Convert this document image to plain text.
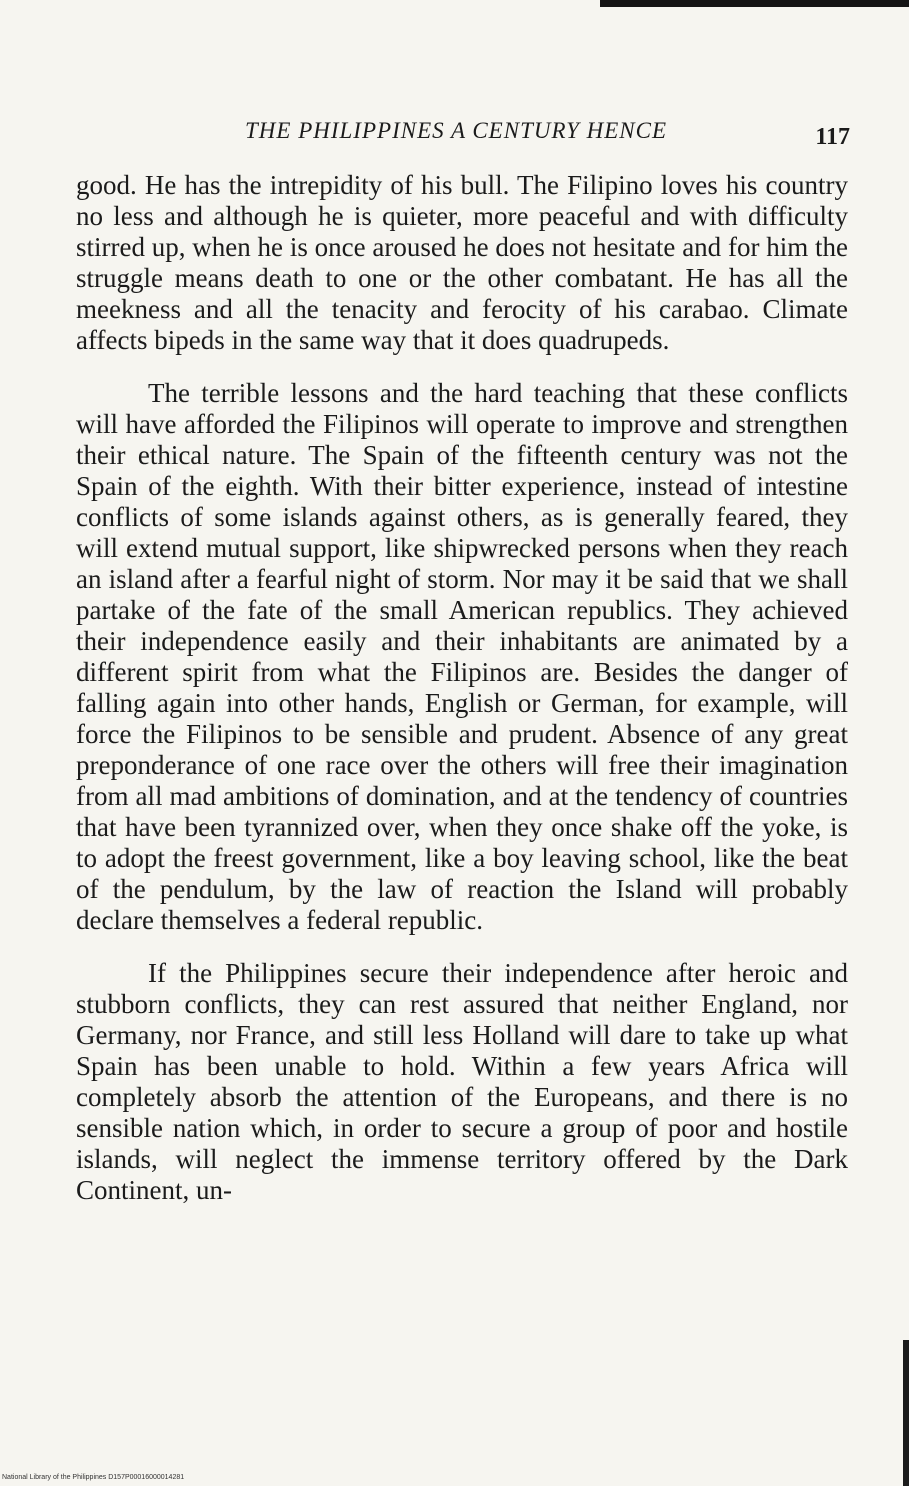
THE PHILIPPINES A CENTURY HENCE	117

good. He has the intrepidity of his bull. The Filipino loves his country no less and although he is quieter, more peaceful and with difficulty stirred up, when he is once aroused he does not hesitate and for him the struggle means death to one or the other combatant. He has all the meekness and all the tenacity and ferocity of his carabao. Climate affects bipeds in the same way that it does quadrupeds.

The terrible lessons and the hard teaching that these conflicts will have afforded the Filipinos will operate to improve and strengthen their ethical nature. The Spain of the fifteenth century was not the Spain of the eighth. With their bitter experience, instead of intestine conflicts of some islands against others, as is generally feared, they will extend mutual support, like shipwrecked persons when they reach an island after a fearful night of storm. Nor may it be said that we shall partake of the fate of the small American republics. They achieved their independence easily and their inhabitants are animated by a different spirit from what the Filipinos are. Besides the danger of falling again into other hands, English or German, for example, will force the Filipinos to be sensible and prudent. Absence of any great preponderance of one race over the others will free their imagination from all mad ambitions of domination, and at the tendency of countries that have been tyrannized over, when they once shake off the yoke, is to adopt the freest government, like a boy leaving school, like the beat of the pendulum, by the law of reaction the Island will probably declare themselves a federal republic.

If the Philippines secure their independence after heroic and stubborn conflicts, they can rest assured that neither England, nor Germany, nor France, and still less Holland will dare to take up what Spain has been unable to hold. Within a few years Africa will completely absorb the attention of the Europeans, and there is no sensible nation which, in order to secure a group of poor and hostile islands, will neglect the immense territory offered by the Dark Continent, un-

National Library of the Philippines D157P00016000014281
